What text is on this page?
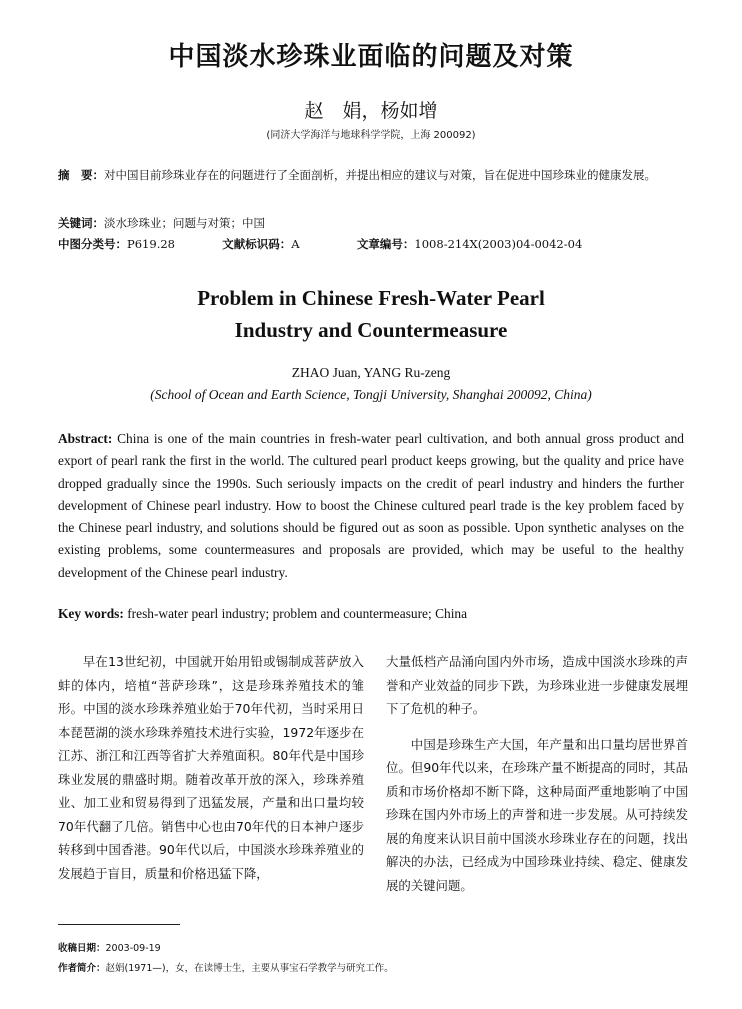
中国淡水珍珠业面临的问题及对策
赵　娟，杨如增
(同济大学海洋与地球科学学院，上海 200092)
摘　要：对中国目前珍珠业存在的问题进行了全面剖析，并提出相应的建议与对策，旨在促进中国珍珠业的健康发展。
关键词：淡水珍珠业；问题与对策；中国
中图分类号：P619.28	文献标识码：A	文章编号：1008-214X(2003)04-0042-04
Problem in Chinese Fresh-Water Pearl
Industry and Countermeasure
ZHAO Juan, YANG Ru-zeng
(School of Ocean and Earth Science, Tongji University, Shanghai 200092, China)
Abstract: China is one of the main countries in fresh-water pearl cultivation, and both annual gross product and export of pearl rank the first in the world. The cultured pearl product keeps growing, but the quality and price have dropped gradually since the 1990s. Such seriously impacts on the credit of pearl industry and hinders the further development of Chinese pearl industry. How to boost the Chinese cultured pearl trade is the key problem faced by the Chinese pearl industry, and solutions should be figured out as soon as possible. Upon synthetic analyses on the existing problems, some countermeasures and proposals are provided, which may be useful to the healthy development of the Chinese pearl industry.
Key words: fresh-water pearl industry; problem and countermeasure; China

早在13世纪初，中国就开始用铅或锡制成菩萨放入蚌的体内，培植“菩萨珍珠”，这是珍珠养殖技术的雏形。中国的淡水珍珠养殖业始于70年代初，当时采用日本琵琶湖的淡水珍珠养殖技术进行实验，1972年逐步在江苏、浙江和江西等省扩大养殖面积。80年代是中国珍珠业发展的鼎盛时期。随着改革开放的深入，珍珠养殖业、加工业和贸易得到了迅猛发展，产量和出口量均较70年代翻了几倍。销售中心也由70年代的日本神户逐步转移到中国香港。90年代以后，中国淡水珍珠养殖业的发展趋于盲目，质量和价格迅猛下降，

大量低档产品涌向国内外市场，造成中国淡水珍珠的声誉和产业效益的同步下跌，为珍珠业进一步健康发展埋下了危机的种子。

中国是珍珠生产大国，年产量和出口量均居世界首位。但90年代以来，在珍珠产量不断提高的同时，其品质和市场价格却不断下降，这种局面严重地影响了中国珍珠在国内外市场上的声誉和进一步发展。从可持续发展的角度来认识目前中国淡水珍珠业存在的问题，找出解决的办法，已经成为中国珍珠业持续、稳定、健康发展的关键问题。

收稿日期：2003-09-19
作者简介：赵娟(1971—)，女，在读博士生，主要从事宝石学教学与研究工作。
